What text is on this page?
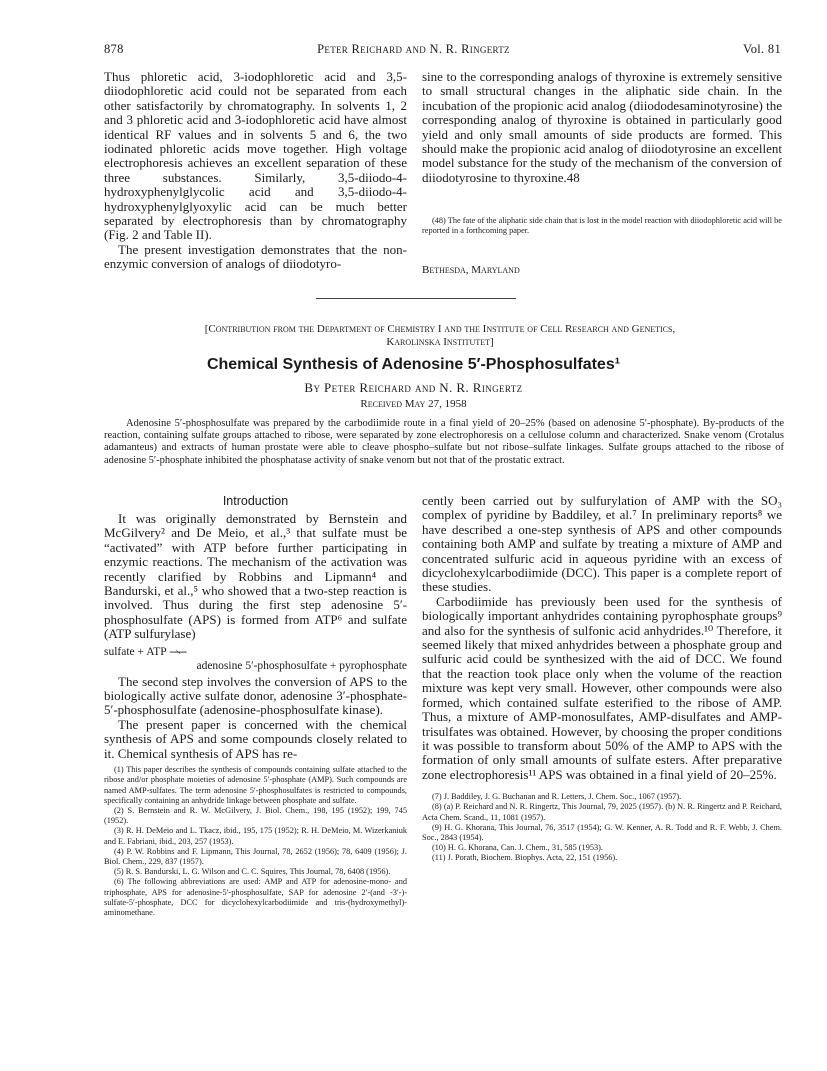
878	Peter Reichard and N. R. Ringertz	Vol. 81

Thus phloretic acid, 3-iodophloretic acid and 3,5-diiodophloretic acid could not be separated from each other satisfactorily by chromatography. In solvents 1, 2 and 3 phloretic acid and 3-iodophloretic acid have almost identical RF values and in solvents 5 and 6, the two iodinated phloretic acids move together. High voltage electrophoresis achieves an excellent separation of these three substances. Similarly, 3,5-diiodo-4-hydroxyphenylglycolic acid and 3,5-diiodo-4-hydroxyphenylglyoxylic acid can be much better separated by electrophoresis than by chromatography (Fig. 2 and Table II).

The present investigation demonstrates that the non-enzymic conversion of analogs of diiodotyro-

sine to the corresponding analogs of thyroxine is extremely sensitive to small structural changes in the aliphatic side chain. In the incubation of the propionic acid analog (diiododesaminotyrosine) the corresponding analog of thyroxine is obtained in particularly good yield and only small amounts of side products are formed. This should make the propionic acid analog of diiodotyrosine an excellent model substance for the study of the mechanism of the conversion of diiodotyrosine to thyroxine.48

(48) The fate of the aliphatic side chain that is lost in the model reaction with diiodophloretic acid will be reported in a forthcoming paper.

Bethesda, Maryland
[Contribution from the Department of Chemistry I and the Institute of Cell Research and Genetics,
Karolinska Institutet]
Chemical Synthesis of Adenosine 5′-Phosphosulfates¹
By Peter Reichard and N. R. Ringertz
Received May 27, 1958
Adenosine 5′-phosphosulfate was prepared by the carbodiimide route in a final yield of 20–25% (based on adenosine 5′-phosphate). By-products of the reaction, containing sulfate groups attached to ribose, were separated by zone electrophoresis on a cellulose column and characterized. Snake venom (Crotalus adamanteus) and extracts of human prostate were able to cleave phospho–sulfate but not ribose–sulfate linkages. Sulfate groups attached to the ribose of adenosine 5′-phosphate inhibited the phosphatase activity of snake venom but not that of the prostatic extract.
Introduction

It was originally demonstrated by Bernstein and McGilvery² and De Meio, et al.,³ that sulfate must be “activated” with ATP before further participating in enzymic reactions. The mechanism of the activation was recently clarified by Robbins and Lipmann⁴ and Bandurski, et al.,⁵ who showed that a two-step reaction is involved. Thus during the first step adenosine 5′-phosphosulfate (APS) is formed from ATP⁶ and sulfate (ATP sulfurylase)

sulfate + ATP ⇀↽
adenosine 5′-phosphosulfate + pyrophosphate

The second step involves the conversion of APS to the biologically active sulfate donor, adenosine 3′-phosphate-5′-phosphosulfate (adenosine-phosphosulfate kinase).

The present paper is concerned with the chemical synthesis of APS and some compounds closely related to it. Chemical synthesis of APS has re-

(1) This paper describes the synthesis of compounds containing sulfate attached to the ribose and/or phosphate moieties of adenosine 5′-phosphate (AMP). Such compounds are named AMP-sulfates. The term adenosine 5′-phosphosulfates is restricted to compounds, specifically containing an anhydride linkage between phosphate and sulfate.

(2) S. Bernstein and R. W. McGilvery, J. Biol. Chem., 198, 195 (1952); 199, 745 (1952).

(3) R. H. DeMeio and L. Tkacz, ibid., 195, 175 (1952); R. H. DeMeio, M. Wizerkaniuk and E. Fabriani, ibid., 203, 257 (1953).

(4) P. W. Robbins and F. Lipmann, This Journal, 78, 2652 (1956); 78, 6409 (1956); J. Biol. Chem., 229, 837 (1957).

(5) R. S. Bandurski, L. G. Wilson and C. C. Squires, This Journal, 78, 6408 (1956).

(6) The following abbreviations are used: AMP and ATP for adenosine-mono- and triphosphate, APS for adenosine-5′-phosphosulfate, SAP for adenosine 2′-(and -3′-)-sulfate-5′-phosphate, DCC for dicyclohexylcarbodiimide and tris-(hydroxymethyl)-aminomethane.

cently been carried out by sulfurylation of AMP with the SO₃ complex of pyridine by Baddiley, et al.⁷ In preliminary reports⁸ we have described a one-step synthesis of APS and other compounds containing both AMP and sulfate by treating a mixture of AMP and concentrated sulfuric acid in aqueous pyridine with an excess of dicyclohexylcarbodiimide (DCC). This paper is a complete report of these studies.

Carbodiimide has previously been used for the synthesis of biologically important anhydrides containing pyrophosphate groups⁹ and also for the synthesis of sulfonic acid anhydrides.¹⁰ Therefore, it seemed likely that mixed anhydrides between a phosphate group and sulfuric acid could be synthesized with the aid of DCC. We found that the reaction took place only when the volume of the reaction mixture was kept very small. However, other compounds were also formed, which contained sulfate esterified to the ribose of AMP. Thus, a mixture of AMP-monosulfates, AMP-disulfates and AMP-trisulfates was obtained. However, by choosing the proper conditions it was possible to transform about 50% of the AMP to APS with the formation of only small amounts of sulfate esters. After preparative zone electrophoresis¹¹ APS was obtained in a final yield of 20–25%.

(7) J. Baddiley, J. G. Buchanan and R. Letters, J. Chem. Soc., 1067 (1957).

(8) (a) P. Reichard and N. R. Ringertz, This Journal, 79, 2025 (1957). (b) N. R. Ringertz and P. Reichard, Acta Chem. Scand., 11, 1081 (1957).

(9) H. G. Khorana, This Journal, 76, 3517 (1954); G. W. Kenner, A. R. Todd and R. F. Webb, J. Chem. Soc., 2843 (1954).

(10) H. G. Khorana, Can. J. Chem., 31, 585 (1953).

(11) J. Porath, Biochem. Biophys. Acta, 22, 151 (1956).
